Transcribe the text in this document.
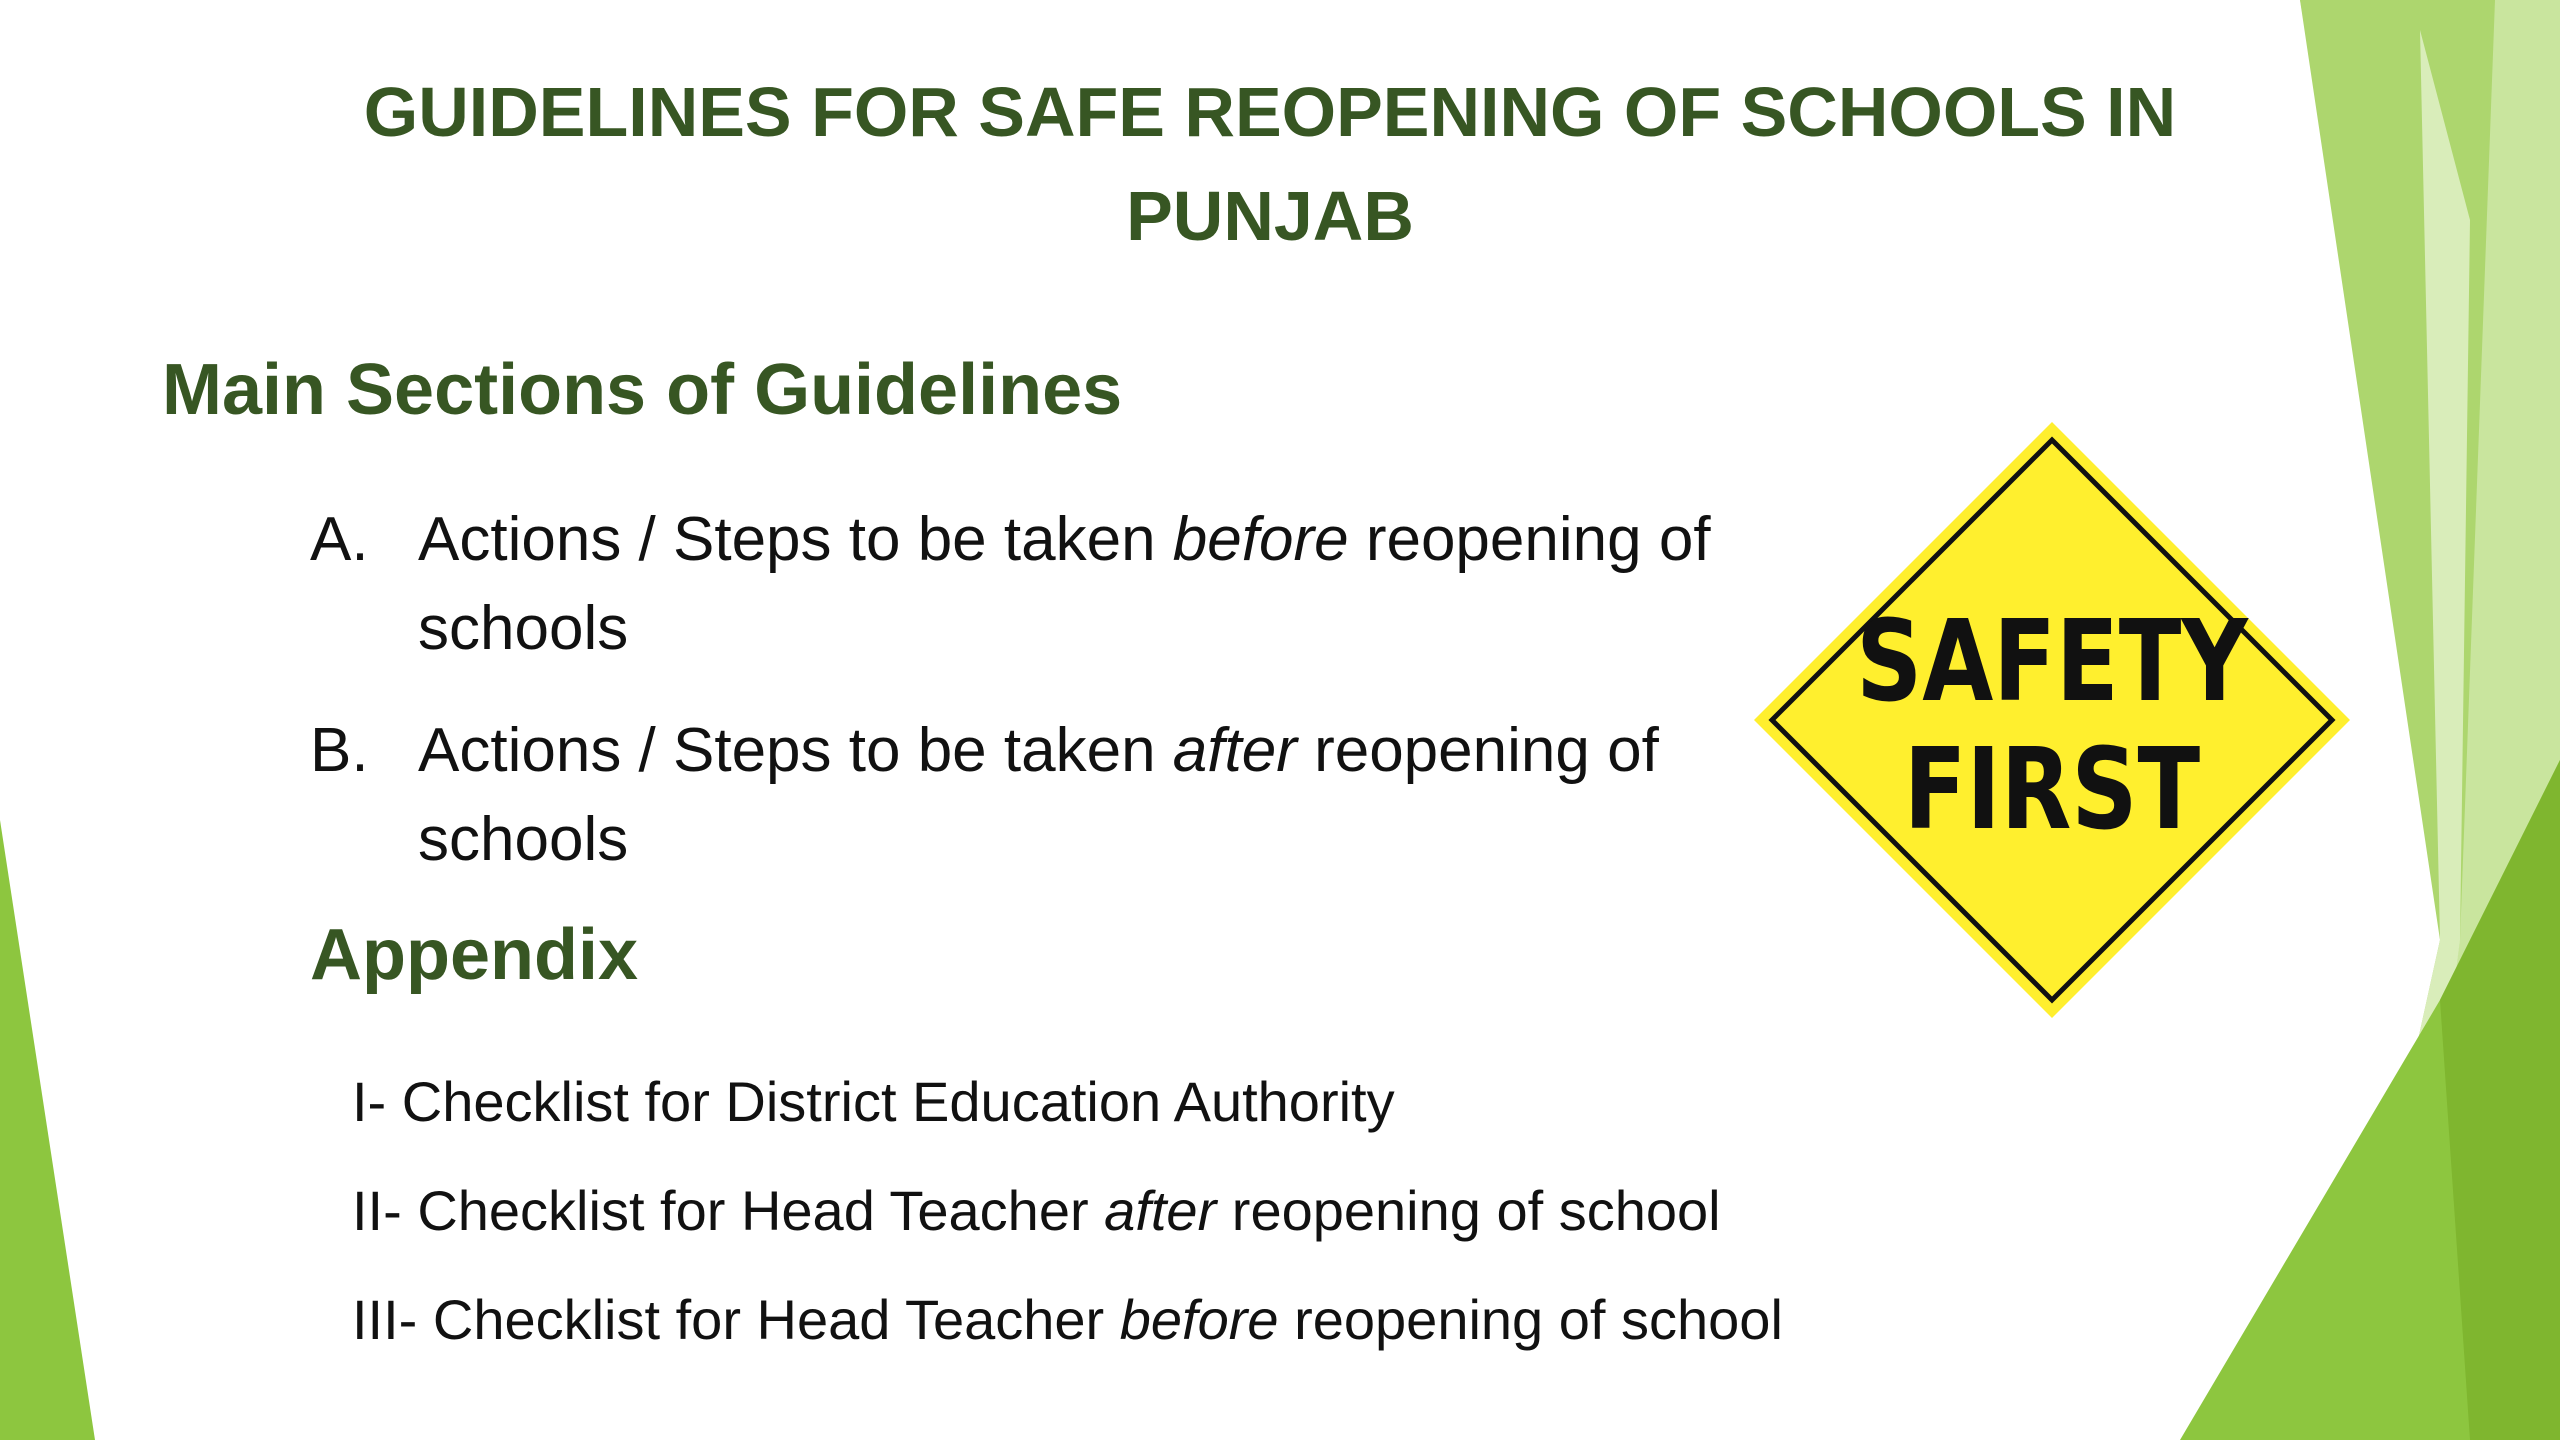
GUIDELINES FOR SAFE REOPENING OF SCHOOLS IN PUNJAB
Main Sections of Guidelines
A. Actions / Steps to be taken before reopening of schools
B. Actions / Steps to be taken after reopening of schools
Appendix
I- Checklist for District Education Authority
II- Checklist for Head Teacher after reopening of school
III- Checklist for Head Teacher before reopening of school
SAFETY
FIRST
